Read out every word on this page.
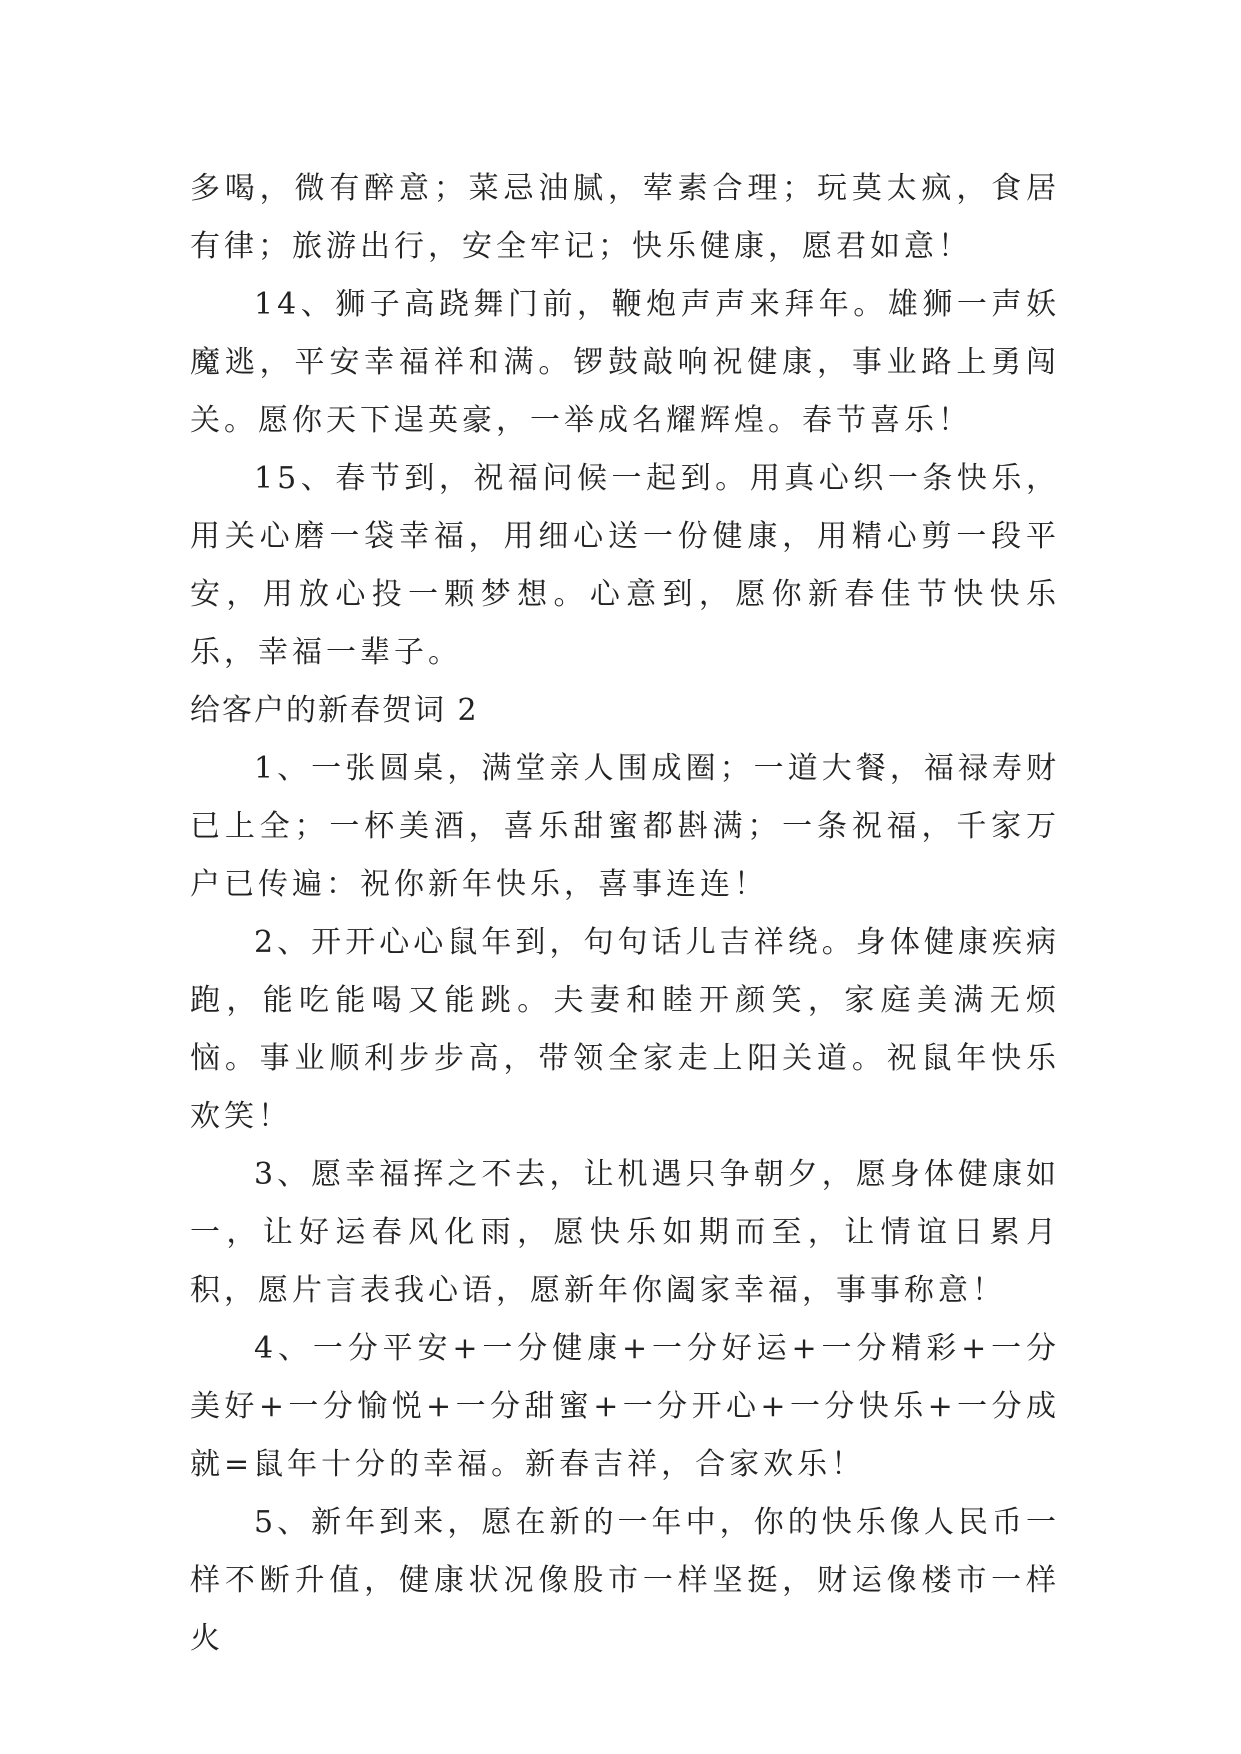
多喝，微有醉意；菜忌油腻，荤素合理；玩莫太疯，食居有律；旅游出行，安全牢记；快乐健康，愿君如意！

14、狮子高跷舞门前，鞭炮声声来拜年。雄狮一声妖魔逃，平安幸福祥和满。锣鼓敲响祝健康，事业路上勇闯关。愿你天下逞英豪，一举成名耀辉煌。春节喜乐！

15、春节到，祝福问候一起到。用真心织一条快乐，用关心磨一袋幸福，用细心送一份健康，用精心剪一段平安，用放心投一颗梦想。心意到，愿你新春佳节快快乐乐，幸福一辈子。

给客户的新春贺词 2

1、一张圆桌，满堂亲人围成圈；一道大餐，福禄寿财已上全；一杯美酒，喜乐甜蜜都斟满；一条祝福，千家万户已传遍：祝你新年快乐，喜事连连！

2、开开心心鼠年到，句句话儿吉祥绕。身体健康疾病跑，能吃能喝又能跳。夫妻和睦开颜笑，家庭美满无烦恼。事业顺利步步高，带领全家走上阳关道。祝鼠年快乐欢笑！

3、愿幸福挥之不去，让机遇只争朝夕，愿身体健康如一，让好运春风化雨，愿快乐如期而至，让情谊日累月积，愿片言表我心语，愿新年你阖家幸福，事事称意！

4、一分平安+一分健康+一分好运+一分精彩+一分美好+一分愉悦+一分甜蜜+一分开心+一分快乐+一分成就=鼠年十分的幸福。新春吉祥，合家欢乐！

5、新年到来，愿在新的一年中，你的快乐像人民币一样不断升值，健康状况像股市一样坚挺，财运像楼市一样火
